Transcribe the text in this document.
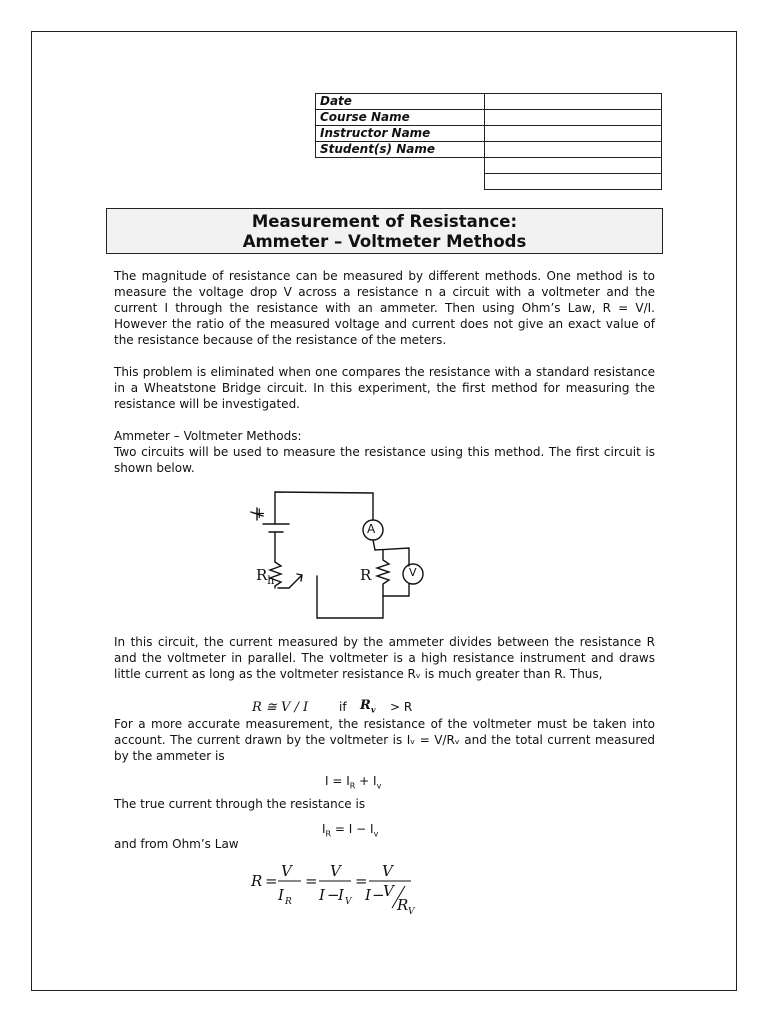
Date	
Course Name	
Instructor Name	
Student(s) Name	

Measurement of Resistance:
Ammeter – Voltmeter Methods

The magnitude of resistance can be measured by different methods. One method is to measure the voltage drop V across a resistance n a circuit with a voltmeter and the current I through the resistance with an ammeter. Then using Ohm’s Law, R = V/I. However the ratio of the measured voltage and current does not give an exact value of the resistance because of the resistance of the meters.

This problem is eliminated when one compares the resistance with a standard resistance in a Wheatstone Bridge circuit. In this experiment, the first method for measuring the resistance will be investigated.

Ammeter – Voltmeter Methods:

Two circuits will be used to measure the resistance using this method. The first circuit is shown below.

+
A
V
R
$R_h$

In this circuit, the current measured by the ammeter divides between the resistance R and the voltmeter in parallel. The voltmeter is a high resistance instrument and draws little current as long as the voltmeter resistance Rᵥ is much greater than R. Thus,

R ≅ V / I	if $R_v > R$

For a more accurate measurement, the resistance of the voltmeter must be taken into account. The current drawn by the voltmeter is Iᵥ = V/Rᵥ and the total current measured by the ammeter is

$I = I_R + I_v$

The true current through the resistance is

$I_R = I - I_v$

and from Ohm’s Law

R =
V
I R
=
V
I −
I V
=
V
I −
V
R V
